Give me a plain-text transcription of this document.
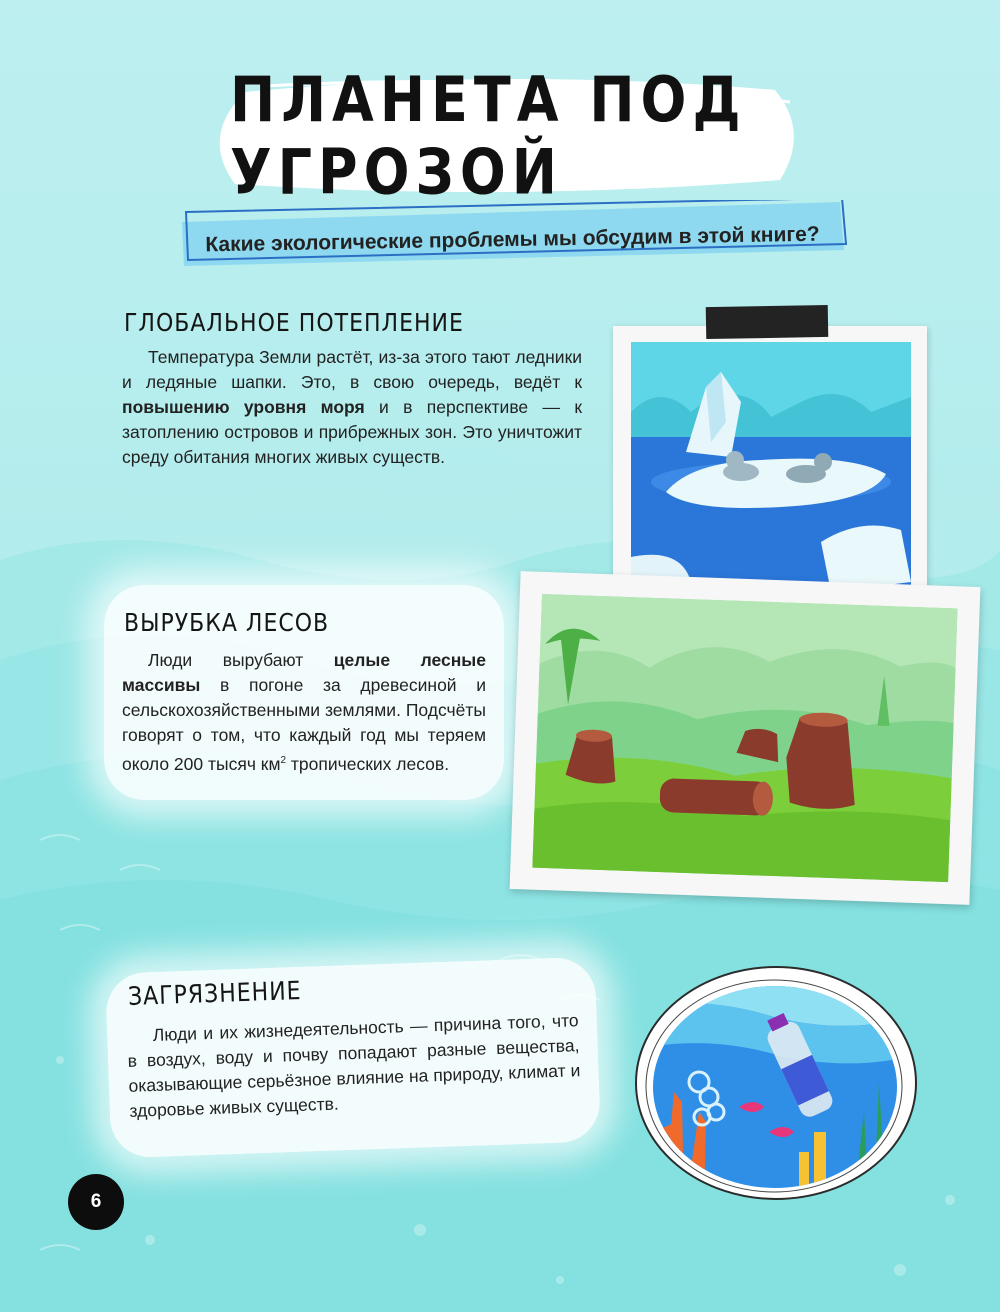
ПЛАНЕТА ПОД УГРОЗОЙ
Какие экологические проблемы мы обсудим в этой книге?
ГЛОБАЛЬНОЕ ПОТЕПЛЕНИЕ
Температура Земли растёт, из-за этого тают ледники и ледяные шапки. Это, в свою очередь, ведёт к повышению уровня моря и в перспективе — к затоплению островов и прибрежных зон. Это уничтожит среду обитания многих живых существ.
ВЫРУБКА ЛЕСОВ
Люди вырубают целые лесные массивы в погоне за древесиной и сельскохозяйственными землями. Подсчёты говорят о том, что каждый год мы теряем около 200 тысяч $км^2$ тропических лесов.
ЗАГРЯЗНЕНИЕ
Люди и их жизнедеятельность — причина того, что в воздух, воду и почву попадают разные вещества, оказывающие серьёзное влияние на природу, климат и здоровье живых существ.
6
